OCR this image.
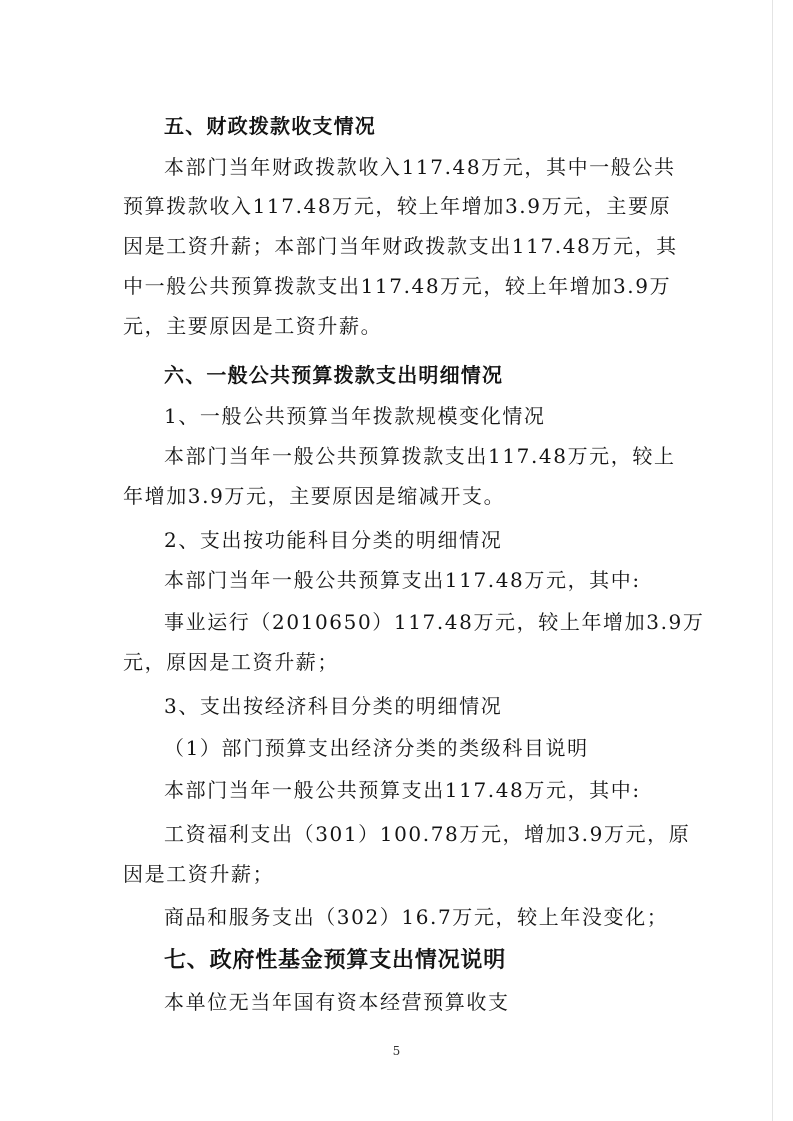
五、财政拨款收支情况
本部门当年财政拨款收入117.48万元，其中一般公共
预算拨款收入117.48万元，较上年增加3.9万元，主要原
因是工资升薪；本部门当年财政拨款支出117.48万元，其
中一般公共预算拨款支出117.48万元，较上年增加3.9万
元，主要原因是工资升薪。
六、一般公共预算拨款支出明细情况
1、一般公共预算当年拨款规模变化情况
本部门当年一般公共预算拨款支出117.48万元，较上
年增加3.9万元，主要原因是缩减开支。
2、支出按功能科目分类的明细情况
本部门当年一般公共预算支出117.48万元，其中:
事业运行（2010650）117.48万元，较上年增加3.9万
元，原因是工资升薪；
3、支出按经济科目分类的明细情况
（1）部门预算支出经济分类的类级科目说明
本部门当年一般公共预算支出117.48万元，其中:
工资福利支出（301）100.78万元，增加3.9万元，原
因是工资升薪；
商品和服务支出（302）16.7万元，较上年没变化；
七、政府性基金预算支出情况说明
本单位无当年国有资本经营预算收支
5
